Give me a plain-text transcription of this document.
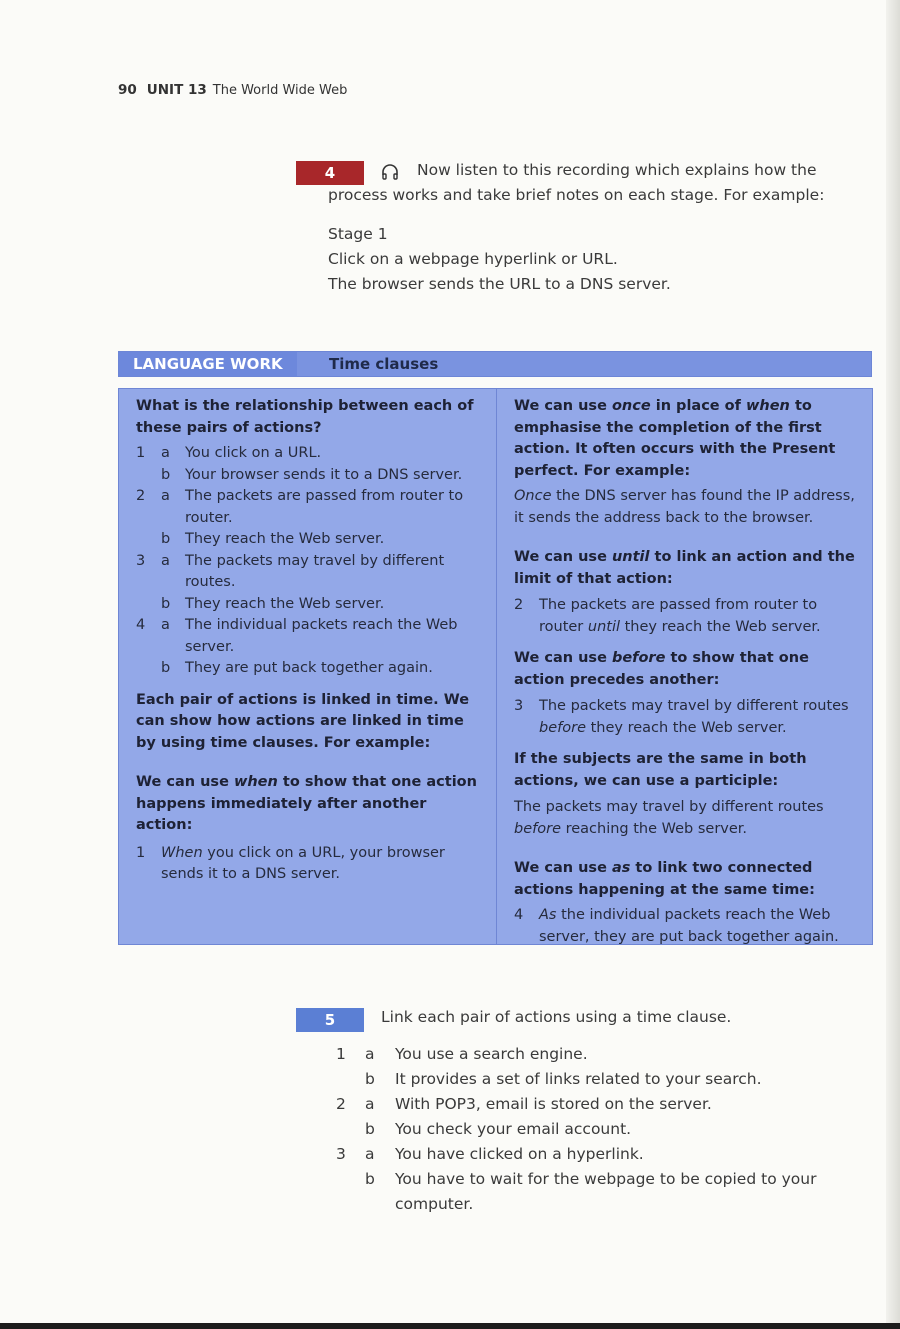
90 UNIT 13 The World Wide Web
4	Now listen to this recording which explains how the
process works and take brief notes on each stage. For example:
Stage 1
Click on a webpage hyperlink or URL.
The browser sends the URL to a DNS server.
LANGUAGE WORK	Time clauses
What is the relationship between each of these pairs of actions?
1 a	You click on a URL.
b	Your browser sends it to a DNS server.
2 a	The packets are passed from router to router.
b	They reach the Web server.
3 a	The packets may travel by different routes.
b	They reach the Web server.
4 a	The individual packets reach the Web server.
b	They are put back together again.
Each pair of actions is linked in time. We can show how actions are linked in time by using time clauses. For example:
We can use when to show that one action happens immediately after another action:
1	When you click on a URL, your browser sends it to a DNS server.
We can use once in place of when to emphasise the completion of the first action. It often occurs with the Present perfect. For example:
Once the DNS server has found the IP address, it sends the address back to the browser.
We can use until to link an action and the limit of that action:
2	The packets are passed from router to router until they reach the Web server.
We can use before to show that one action precedes another:
3	The packets may travel by different routes before they reach the Web server.
If the subjects are the same in both actions, we can use a participle:
The packets may travel by different routes before reaching the Web server.
We can use as to link two connected actions happening at the same time:
4	As the individual packets reach the Web server, they are put back together again.
5	Link each pair of actions using a time clause.
1 a	You use a search engine.
b	It provides a set of links related to your search.
2 a	With POP3, email is stored on the server.
b	You check your email account.
3 a	You have clicked on a hyperlink.
b	You have to wait for the webpage to be copied to your computer.
